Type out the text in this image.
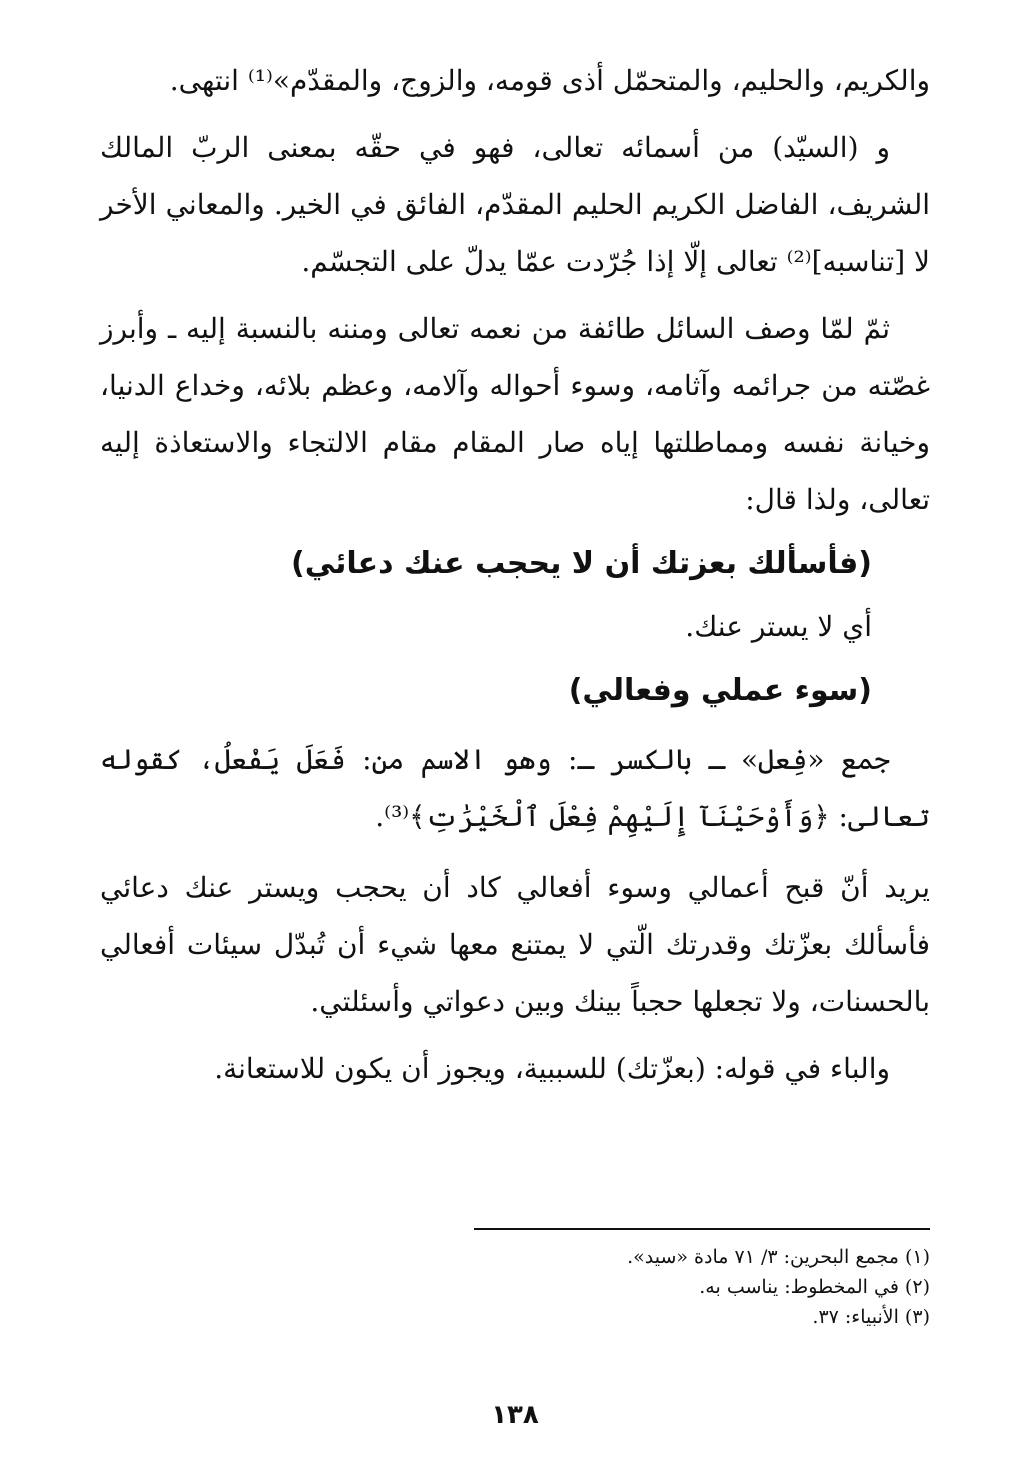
والكريم، والحليم، والمتحمّل أذى قومه، والزوج، والمقدّم»⁽¹⁾ انتهى.

و (السيّد) من أسمائه تعالى، فهو في حقّه بمعنى الربّ المالك الشريف، الفاضل الكريم الحليم المقدّم، الفائق في الخير. والمعاني الأخر لا [تناسبه]⁽²⁾ تعالى إلّا إذا جُرّدت عمّا يدلّ على التجسّم.

ثمّ لمّا وصف السائل طائفة من نعمه تعالى ومننه بالنسبة إليه ـ وأبرز غصّته من جرائمه وآثامه، وسوء أحواله وآلامه، وعظم بلائه، وخداع الدنيا، وخيانة نفسه ومماطلتها إياه صار المقام مقام الالتجاء والاستعاذة إليه تعالى، ولذا قال:

(فأسألك بعزتك أن لا يحجب عنك دعائي)

أي لا يستر عنك.

(سوء عملي وفعالي)

جمع «فِعل» ـ بالكسر ـ: وهو الاسم من: فَعَلَ يَفْعلُ، كقوله تعالى: ﴿وَأَوْحَيْنَآ إِلَيْهِمْ فِعْلَ ٱلْخَيْرَٰتِ﴾⁽³⁾.

يريد أنّ قبح أعمالي وسوء أفعالي كاد أن يحجب ويستر عنك دعائي فأسألك بعزّتك وقدرتك الّتي لا يمتنع معها شيء أن تُبدّل سيئات أفعالي بالحسنات، ولا تجعلها حجباً بينك وبين دعواتي وأسئلتي.

والباء في قوله: (بعزّتك) للسببية، ويجوز أن يكون للاستعانة.

(١) مجمع البحرين: ٣/ ٧١ مادة «سيد».

(٢) في المخطوط: يناسب به.

(٣) الأنبياء: ٣٧.

١٣٨
